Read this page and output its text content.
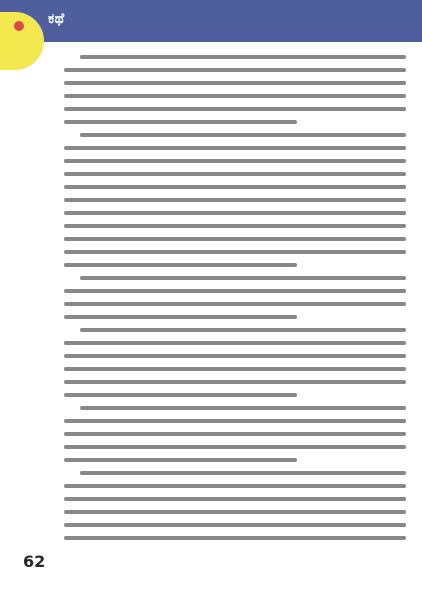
ಕಥೆ
62
